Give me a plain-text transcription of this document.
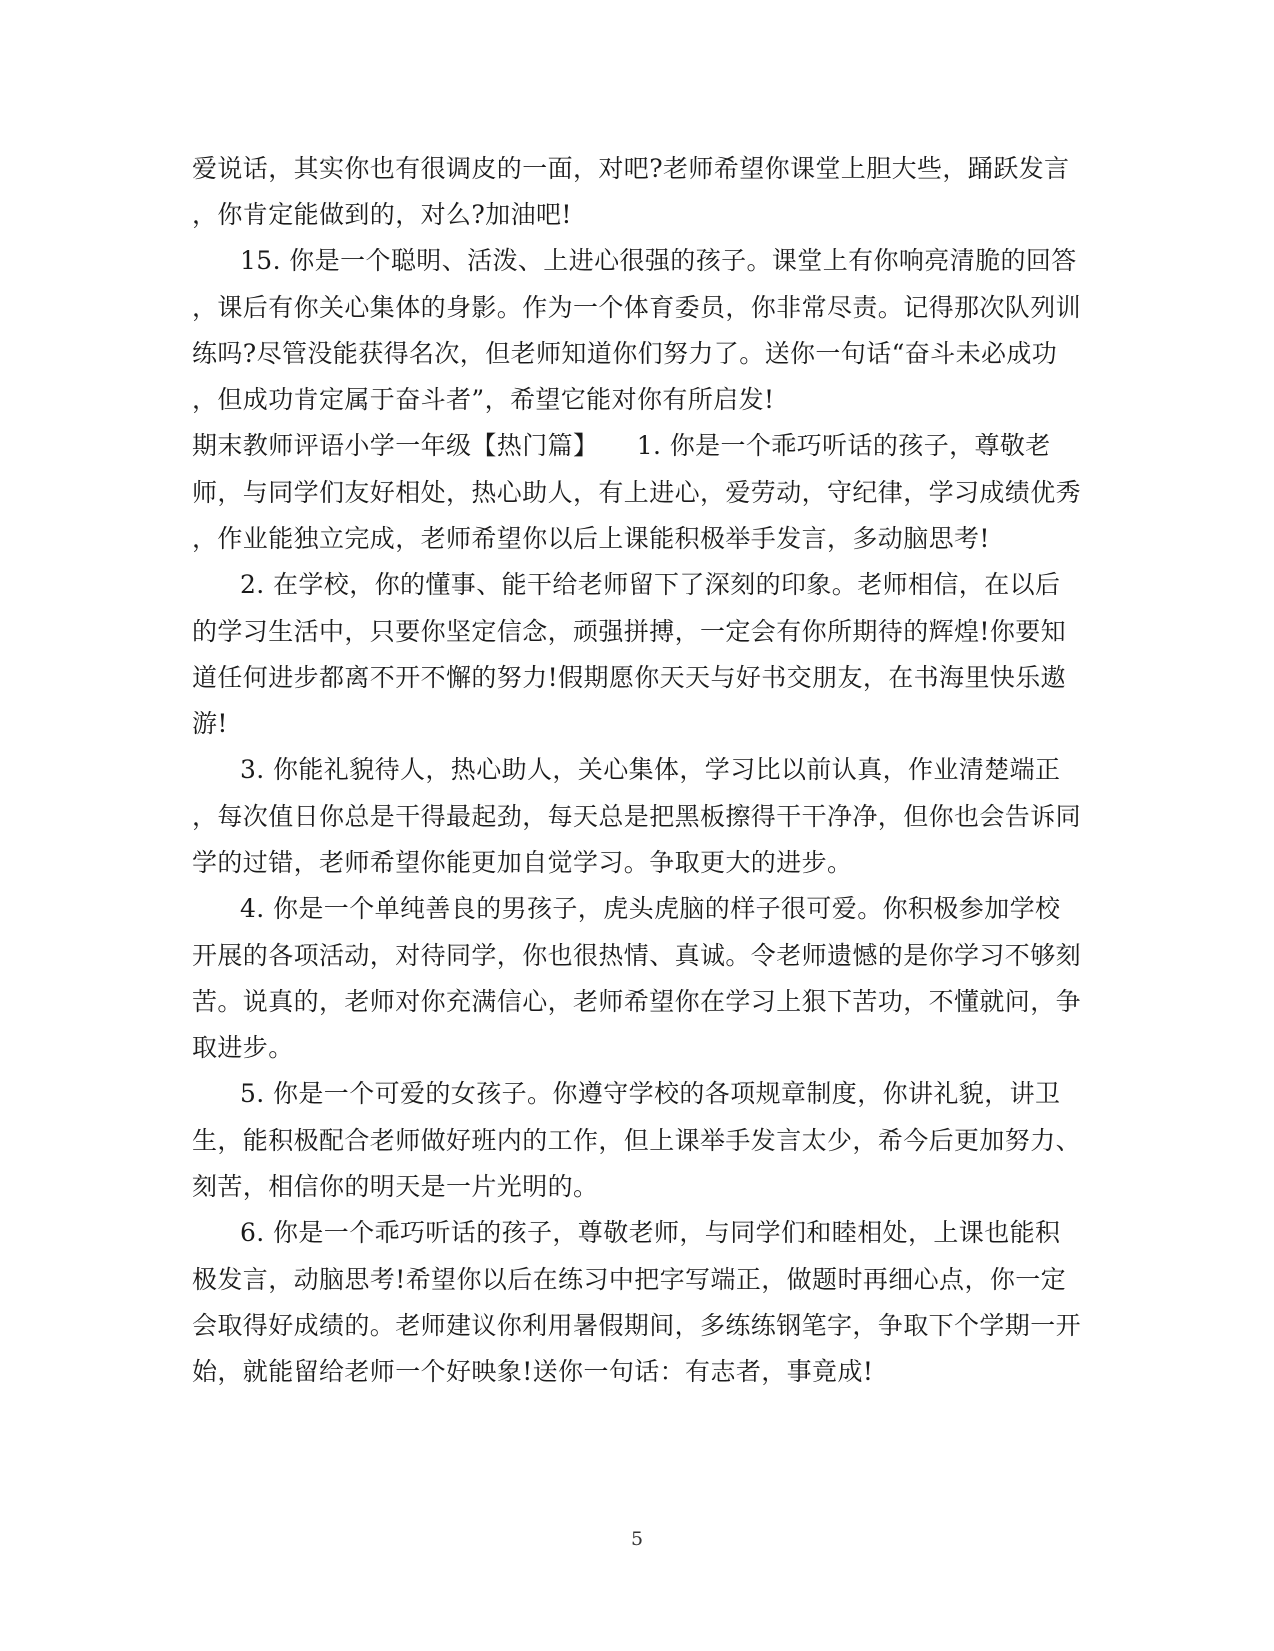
爱说话，其实你也有很调皮的一面，对吧?老师希望你课堂上胆大些，踊跃发言
，你肯定能做到的，对么?加油吧!
15. 你是一个聪明、活泼、上进心很强的孩子。课堂上有你响亮清脆的回答
，课后有你关心集体的身影。作为一个体育委员，你非常尽责。记得那次队列训
练吗?尽管没能获得名次，但老师知道你们努力了。送你一句话“奋斗未必成功
，但成功肯定属于奋斗者”，希望它能对你有所启发!
期末教师评语小学一年级【热门篇】　　1. 你是一个乖巧听话的孩子，尊敬老
师，与同学们友好相处，热心助人，有上进心，爱劳动，守纪律，学习成绩优秀
，作业能独立完成，老师希望你以后上课能积极举手发言，多动脑思考!
2. 在学校，你的懂事、能干给老师留下了深刻的印象。老师相信，在以后
的学习生活中，只要你坚定信念，顽强拼搏，一定会有你所期待的辉煌!你要知
道任何进步都离不开不懈的努力!假期愿你天天与好书交朋友，在书海里快乐遨
游!
3. 你能礼貌待人，热心助人，关心集体，学习比以前认真，作业清楚端正
，每次值日你总是干得最起劲，每天总是把黑板擦得干干净净，但你也会告诉同
学的过错，老师希望你能更加自觉学习。争取更大的进步。
4. 你是一个单纯善良的男孩子，虎头虎脑的样子很可爱。你积极参加学校
开展的各项活动，对待同学，你也很热情、真诚。令老师遗憾的是你学习不够刻
苦。说真的，老师对你充满信心，老师希望你在学习上狠下苦功，不懂就问，争
取进步。
5. 你是一个可爱的女孩子。你遵守学校的各项规章制度，你讲礼貌，讲卫
生，能积极配合老师做好班内的工作，但上课举手发言太少，希今后更加努力、
刻苦，相信你的明天是一片光明的。
6. 你是一个乖巧听话的孩子，尊敬老师，与同学们和睦相处，上课也能积
极发言，动脑思考!希望你以后在练习中把字写端正，做题时再细心点，你一定
会取得好成绩的。老师建议你利用暑假期间，多练练钢笔字，争取下个学期一开
始，就能留给老师一个好映象!送你一句话：有志者，事竟成!
5
